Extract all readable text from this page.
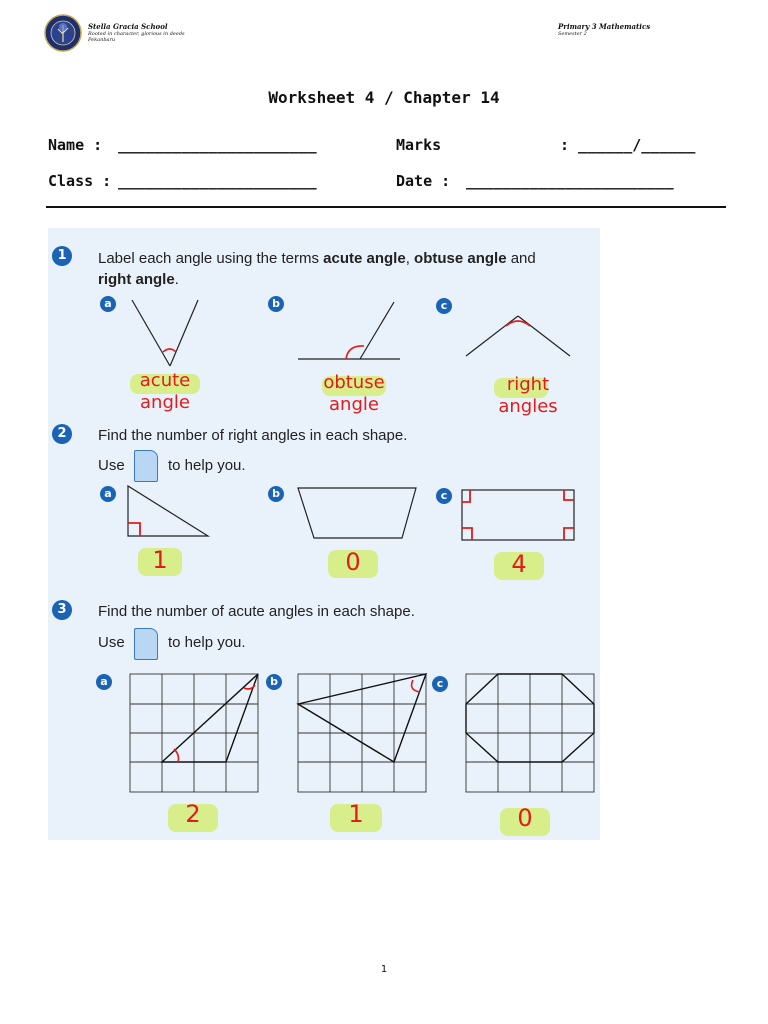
Stella Gracia School
Rooted in character, glorious in deeds
Pekanbaru
Primary 3 Mathematics
Semester 2
Worksheet 4 / Chapter 14
Name : ______________________	Marks	: ______/______
Class : ______________________	Date : _______________________
1	Label each angle using the terms acute angle, obtuse angle and
right angle.
a	b	c
acute angle
obtuse angle
right angles
2	Find the number of right angles in each shape.
Use	to help you.
a	b	c
1	0	4
3	Find the number of acute angles in each shape.
Use	to help you.
a	b	c
2	1	0
1
